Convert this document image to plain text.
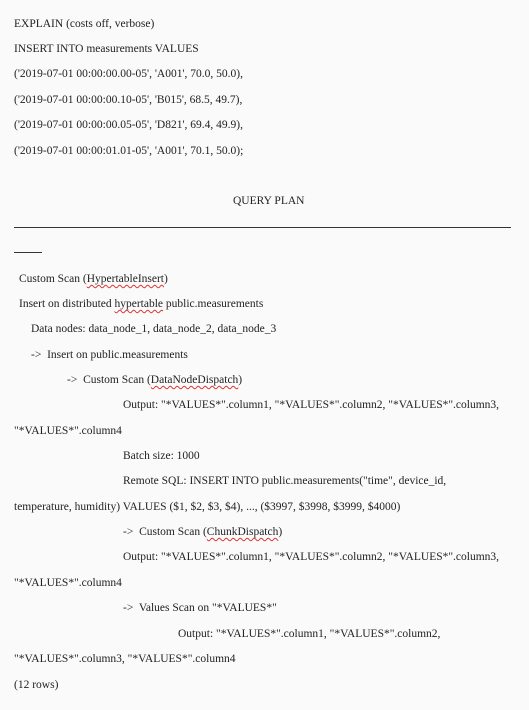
EXPLAIN (costs off, verbose)
INSERT INTO measurements VALUES
('2019-07-01 00:00:00.00-05', 'A001', 70.0, 50.0),
('2019-07-01 00:00:00.10-05', 'B015', 68.5, 49.7),
('2019-07-01 00:00:00.05-05', 'D821', 69.4, 49.9),
('2019-07-01 00:00:01.01-05', 'A001', 70.1, 50.0);
QUERY PLAN
Custom Scan (HypertableInsert)
Insert on distributed hypertable public.measurements
Data nodes: data_node_1, data_node_2, data_node_3
->  Insert on public.measurements
->  Custom Scan (DataNodeDispatch)
Output: "*VALUES*".column1, "*VALUES*".column2, "*VALUES*".column3,
"*VALUES*".column4
Batch size: 1000
Remote SQL: INSERT INTO public.measurements("time", device_id,
temperature, humidity) VALUES ($1, $2, $3, $4), ..., ($3997, $3998, $3999, $4000)
->  Custom Scan (ChunkDispatch)
Output: "*VALUES*".column1, "*VALUES*".column2, "*VALUES*".column3,
"*VALUES*".column4
->  Values Scan on "*VALUES*"
Output: "*VALUES*".column1, "*VALUES*".column2,
"*VALUES*".column3, "*VALUES*".column4
(12 rows)
